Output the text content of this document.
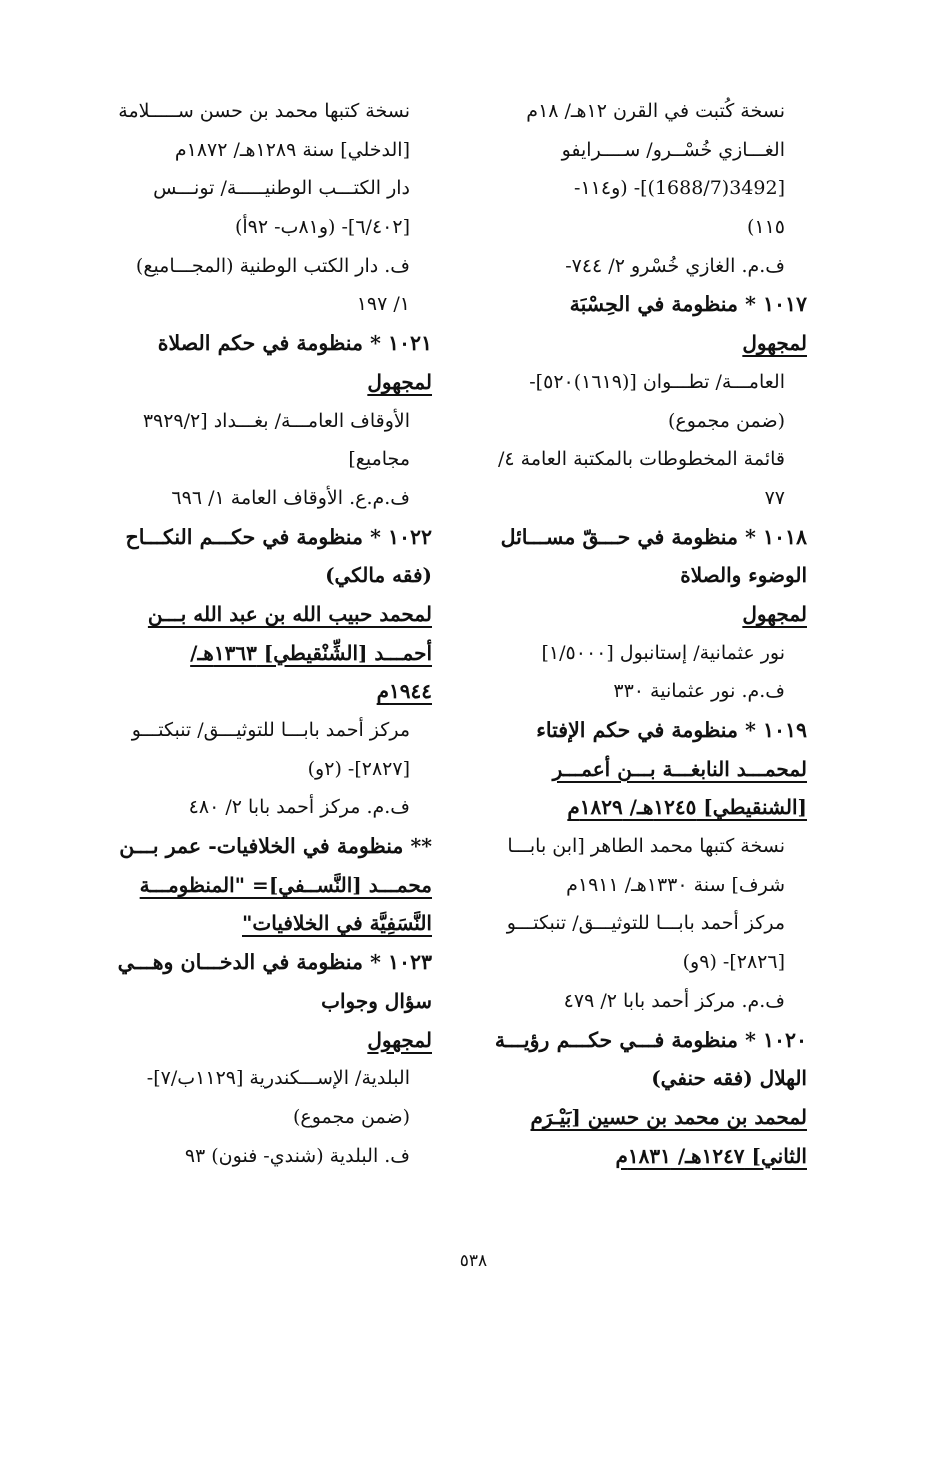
نسخة كُتبت في القرن ١٢هـ/ ١٨م
الغـــازي خُسْــرو/ ســــرايفو
[3492(1688/7)]- (و١١٤-
١١٥)
ف.م. الغازي خُسْرو ٢/ ٧٤٤-
١٠١٧ * منظومة في الحِسْبَة
لمجهول
العامـــة/ تطـــوان [(١٦١٩)٥٢٠]-
(ضمن مجموع)
قائمة المخطوطات بالمكتبة العامة ٤/
٧٧
١٠١٨ * منظومة في حـــقّ مســـائل
الوضوء والصلاة
لمجهول
نور عثمانية/ إستانبول [١/٥٠٠٠]
ف.م. نور عثمانية ٣٣٠
١٠١٩ * منظومة في حكم الإفتاء
لمحمـــد النابغـــة بـــن أعمـــر
[الشنقيطي] ١٢٤٥هـ/ ١٨٢٩م
نسخة كتبها محمد الطاهر [ابن بابـــا
شرف] سنة ١٣٣٠هـ/ ١٩١١م
مركز أحمد بابـــا للتوثيـــق/ تنبكتـــو
[٢٨٢٦]- (٩و)
ف.م. مركز أحمد بابا ٢/ ٤٧٩
١٠٢٠ * منظومة فـــي حكـــم رؤيـــة
الهلال (فقه حنفي)
لمحمد بن محمد بن حسين [بَيْـرَم
الثاني] ١٢٤٧هـ/ ١٨٣١م
نسخة كتبها محمد بن حسن ســـــلامة
[الدخلي] سنة ١٢٨٩هـ/ ١٨٧٢م
دار الكتـــب الوطنيـــــة/ تونـــس
[٦/٤٠٢]- (و٨١ب- ٩٢أ)
ف. دار الكتب الوطنية (المجـــاميع)
١/ ١٩٧
١٠٢١ * منظومة في حكم الصلاة
لمجهول
الأوقاف العامـــة/ بغـــداد [٣٩٢٩/٢
مجاميع]
ف.م.ع. الأوقاف العامة ١/ ٦٩٦
١٠٢٢ * منظومة في حكـــم النكـــاح
(فقه مالكي)
لمحمد حبيب الله بن عبد الله بـــن
أحمـــد [الشِّنْقيطي] ١٣٦٣هـ/
١٩٤٤م
مركز أحمد بابـــا للتوثيـــق/ تنبكتـــو
[٢٨٢٧]- (٢و)
ف.م. مركز أحمد بابا ٢/ ٤٨٠
** منظومة في الخلافيات- عمر بـــن
محمـــد [النَّســفي]= "المنظومـــة
النَّسَفِيَّة في الخلافيات"
١٠٢٣ * منظومة في الدخـــان وهـــي
سؤال وجواب
لمجهول
البلدية/ الإســـكندرية [١١٢٩ب/٧]-
(ضمن مجموع)
ف. البلدية (شندي- فنون) ٩٣
٥٣٨
